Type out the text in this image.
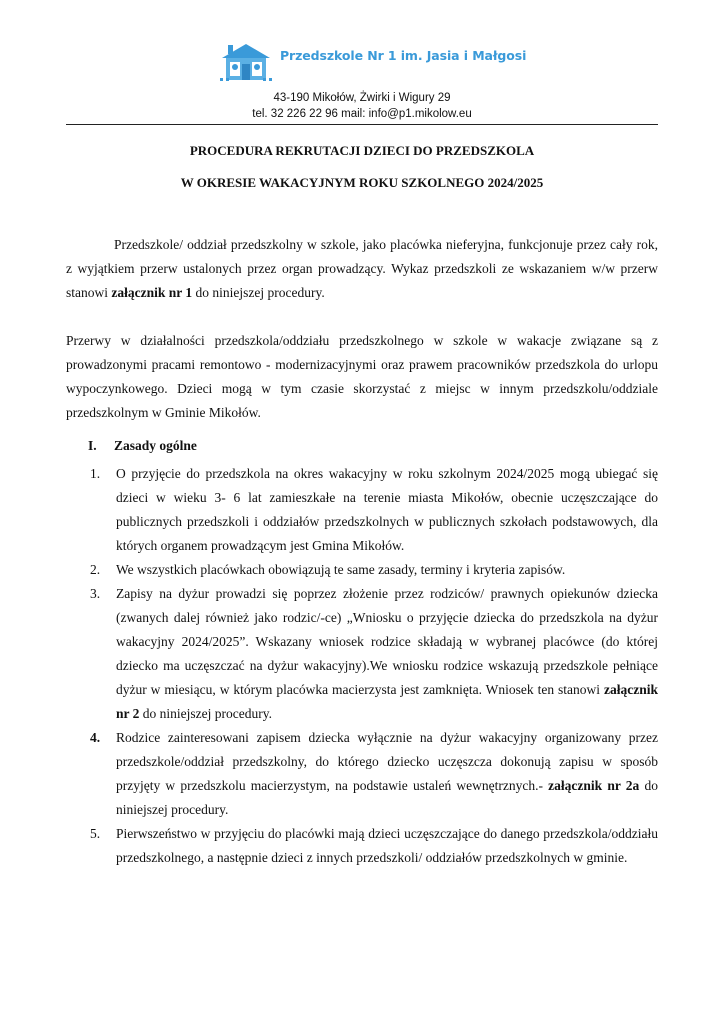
Przedszkole Nr 1 im. Jasia i Małgosi
43-190 Mikołów, Żwirki i Wigury 29
tel. 32 226 22 96 mail: info@p1.mikolow.eu
PROCEDURA REKRUTACJI DZIECI DO PRZEDSZKOLA
W OKRESIE WAKACYJNYM ROKU SZKOLNEGO 2024/2025
Przedszkole/ oddział przedszkolny w szkole, jako placówka nieferyjna, funkcjonuje przez cały rok, z wyjątkiem przerw ustalonych przez organ prowadzący. Wykaz przedszkoli ze wskazaniem w/w przerw stanowi załącznik nr 1 do niniejszej procedury.
Przerwy w działalności przedszkola/oddziału przedszkolnego w szkole w wakacje związane są z prowadzonymi pracami remontowo - modernizacyjnymi oraz prawem pracowników przedszkola do urlopu wypoczynkowego. Dzieci mogą w tym czasie skorzystać z miejsc w innym przedszkolu/oddziale przedszkolnym w Gminie Mikołów.
I. Zasady ogólne
1. O przyjęcie do przedszkola na okres wakacyjny w roku szkolnym 2024/2025 mogą ubiegać się dzieci w wieku 3- 6 lat zamieszkałe na terenie miasta Mikołów, obecnie uczęszczające do publicznych przedszkoli i oddziałów przedszkolnych w publicznych szkołach podstawowych, dla których organem prowadzącym jest Gmina Mikołów.
2. We wszystkich placówkach obowiązują te same zasady, terminy i kryteria zapisów.
3. Zapisy na dyżur prowadzi się poprzez złożenie przez rodziców/ prawnych opiekunów dziecka (zwanych dalej również jako rodzic/-ce) „Wniosku o przyjęcie dziecka do przedszkola na dyżur wakacyjny 2024/2025”. Wskazany wniosek rodzice składają w wybranej placówce (do której dziecko ma uczęszczać na dyżur wakacyjny).We wniosku rodzice wskazują przedszkole pełniące dyżur w miesiącu, w którym placówka macierzysta jest zamknięta. Wniosek ten stanowi załącznik nr 2 do niniejszej procedury.
4. Rodzice zainteresowani zapisem dziecka wyłącznie na dyżur wakacyjny organizowany przez przedszkole/oddział przedszkolny, do którego dziecko uczęszcza dokonują zapisu w sposób przyjęty w przedszkolu macierzystym, na podstawie ustaleń wewnętrznych.- załącznik nr 2a do niniejszej procedury.
5. Pierwszeństwo w przyjęciu do placówki mają dzieci uczęszczające do danego przedszkola/oddziału przedszkolnego, a następnie dzieci z innych przedszkoli/ oddziałów przedszkolnych w gminie.
